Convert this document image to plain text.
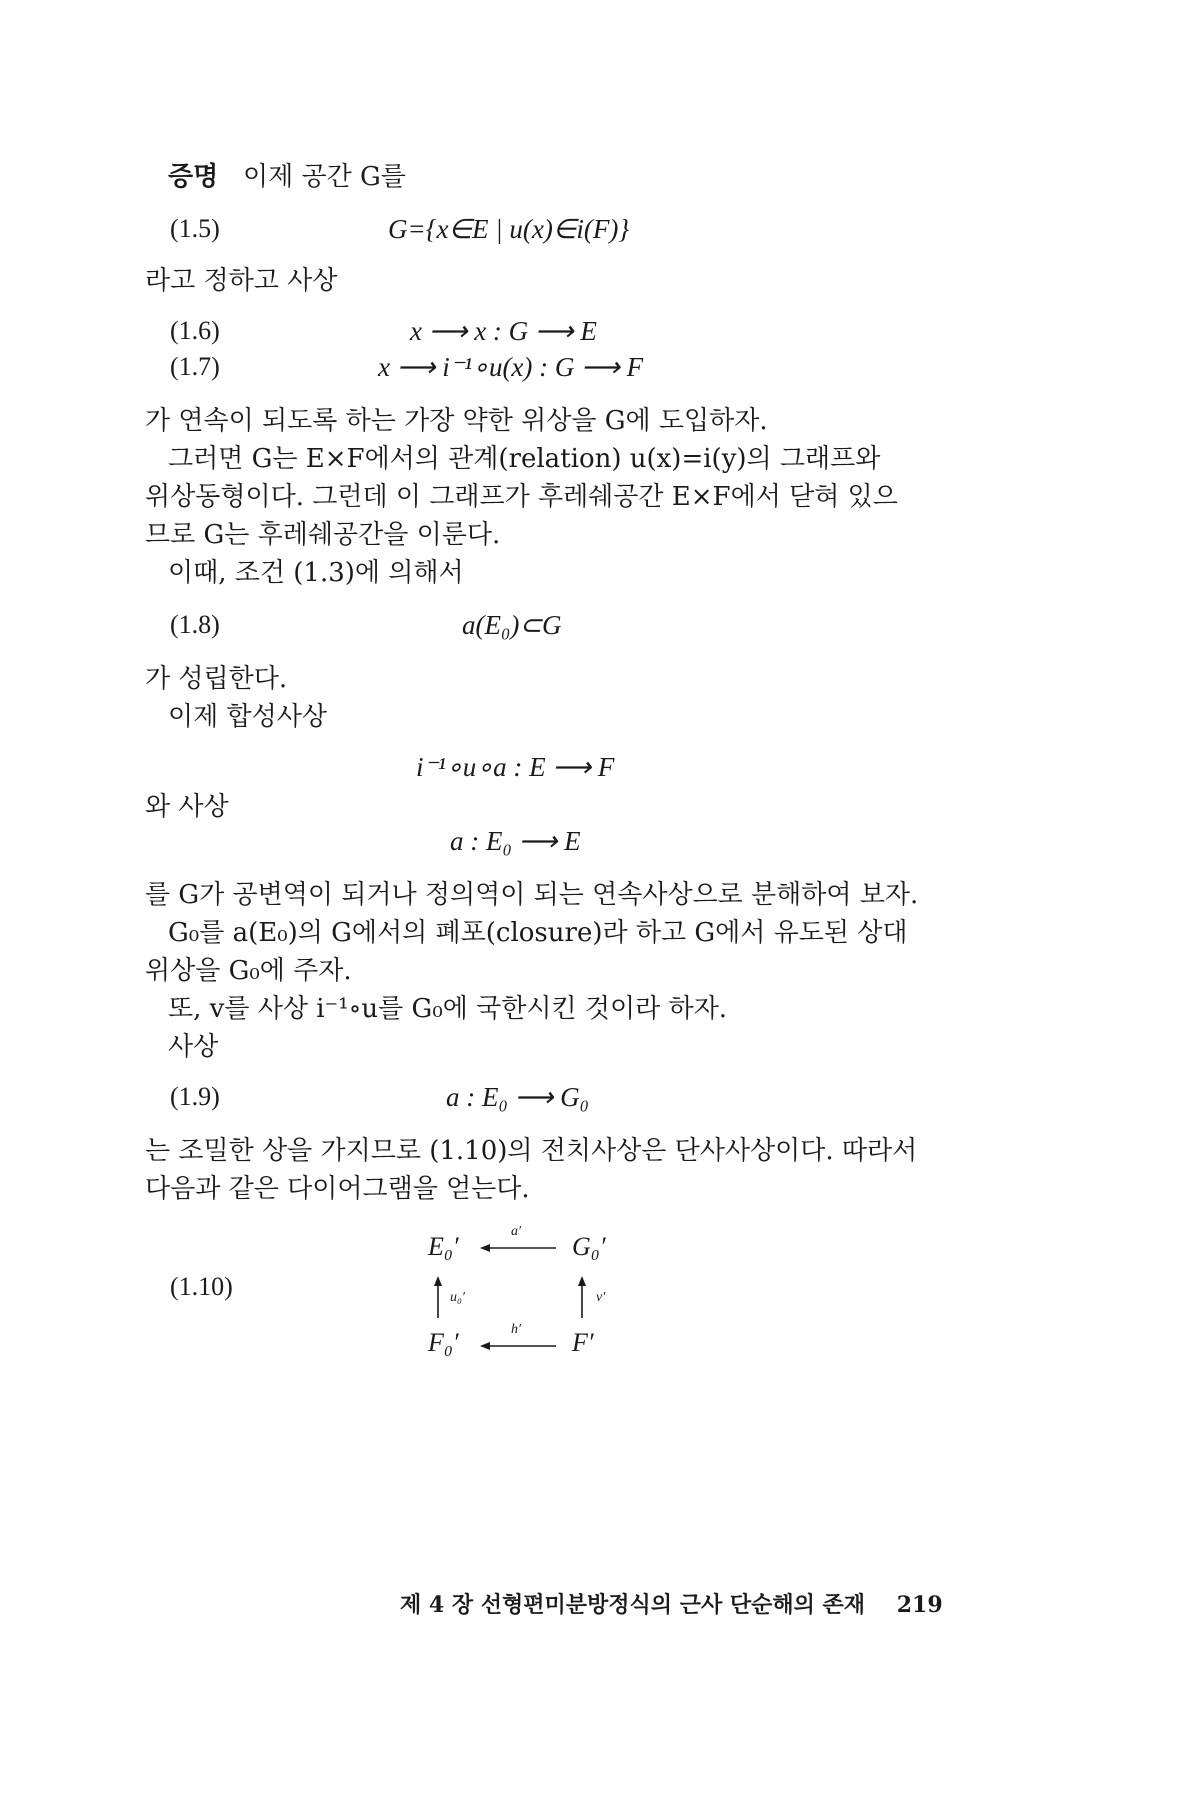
증명 이제 공간 G를
(1.5)	G={x∈E | u(x)∈i(F)}
라고 정하고 사상
(1.6)	x ⟶ x : G ⟶ E
(1.7)	x ⟶ i⁻¹∘u(x) : G ⟶ F
가 연속이 되도록 하는 가장 약한 위상을 G에 도입하자.
그러면 G는 E×F에서의 관계(relation) u(x)=i(y)의 그래프와
위상동형이다. 그런데 이 그래프가 후레쉐공간 E×F에서 닫혀 있으
므로 G는 후레쉐공간을 이룬다.
이때, 조건 (1.3)에 의해서
(1.8)	a(E₀)⊂G
가 성립한다.
이제 합성사상
i⁻¹∘u∘a : E ⟶ F
와 사상
a : E₀ ⟶ E
를 G가 공변역이 되거나 정의역이 되는 연속사상으로 분해하여 보자.
G₀를 a(E₀)의 G에서의 폐포(closure)라 하고 G에서 유도된 상대
위상을 G₀에 주자.
또, v를 사상 i⁻¹∘u를 G₀에 국한시킨 것이라 하자.
사상
(1.9)	a : E₀ ⟶ G₀
는 조밀한 상을 가지므로 (1.10)의 전치사상은 단사사상이다. 따라서
다음과 같은 다이어그램을 얻는다.
(1.10)
E₀′	G₀′
F₀′	F′
a′
h′
u₀′	v′
제 4 장 선형편미분방정식의 근사 단순해의 존재 219
